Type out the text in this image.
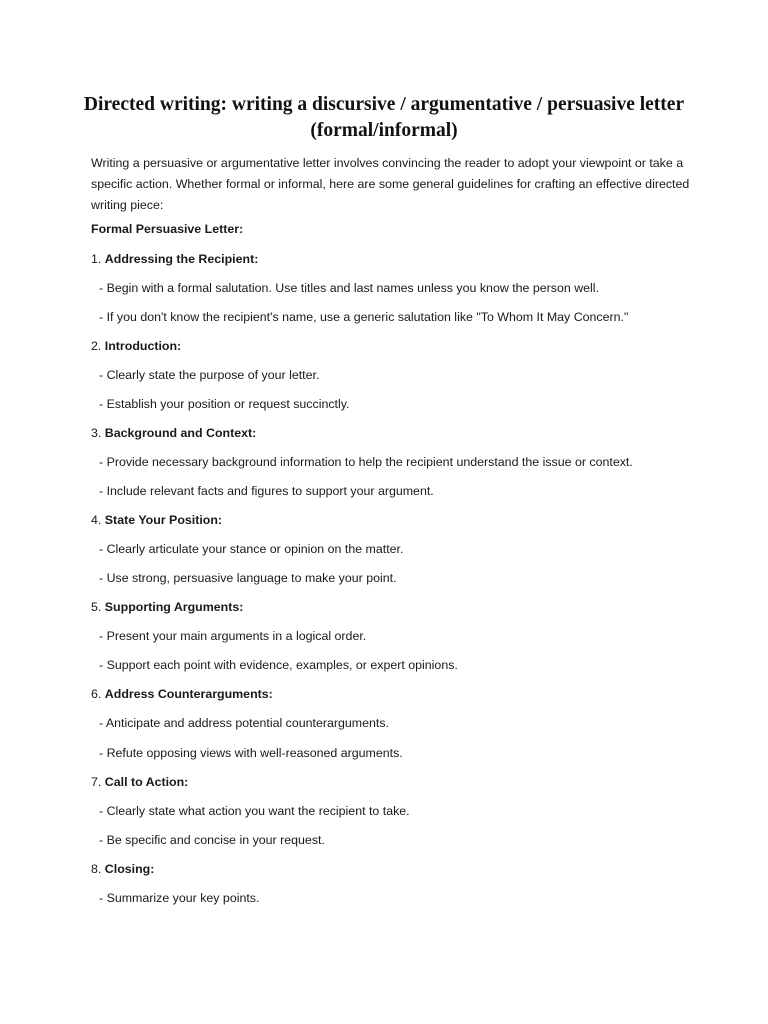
Directed writing: writing a discursive / argumentative / persuasive letter (formal/informal)

Writing a persuasive or argumentative letter involves convincing the reader to adopt your viewpoint or take a specific action. Whether formal or informal, here are some general guidelines for crafting an effective directed writing piece:

Formal Persuasive Letter:

1. Addressing the Recipient:

- Begin with a formal salutation. Use titles and last names unless you know the person well.

- If you don't know the recipient's name, use a generic salutation like "To Whom It May Concern."

2. Introduction:

- Clearly state the purpose of your letter.

- Establish your position or request succinctly.

3. Background and Context:

- Provide necessary background information to help the recipient understand the issue or context.

- Include relevant facts and figures to support your argument.

4. State Your Position:

- Clearly articulate your stance or opinion on the matter.

- Use strong, persuasive language to make your point.

5. Supporting Arguments:

- Present your main arguments in a logical order.

- Support each point with evidence, examples, or expert opinions.

6. Address Counterarguments:

- Anticipate and address potential counterarguments.

- Refute opposing views with well-reasoned arguments.

7. Call to Action:

- Clearly state what action you want the recipient to take.

- Be specific and concise in your request.

8. Closing:

- Summarize your key points.
